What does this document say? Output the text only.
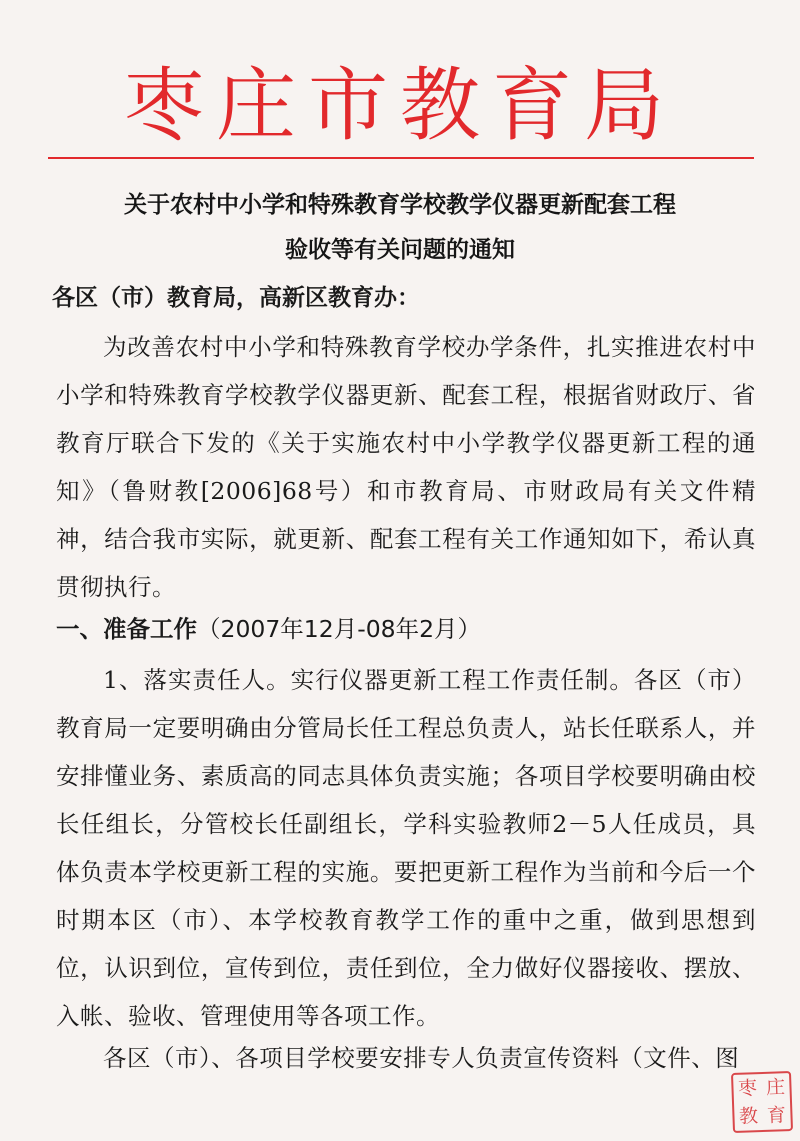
枣庄市教育局
关于农村中小学和特殊教育学校教学仪器更新配套工程
验收等有关问题的通知
各区（市）教育局，高新区教育办：
为改善农村中小学和特殊教育学校办学条件，扎实推进农村中小学和特殊教育学校教学仪器更新、配套工程，根据省财政厅、省教育厅联合下发的《关于实施农村中小学教学仪器更新工程的通知》（鲁财教[2006]68号）和市教育局、市财政局有关文件精神，结合我市实际，就更新、配套工程有关工作通知如下，希认真贯彻执行。
一、准备工作（2007年12月-08年2月）
1、落实责任人。实行仪器更新工程工作责任制。各区（市）教育局一定要明确由分管局长任工程总负责人，站长任联系人，并安排懂业务、素质高的同志具体负责实施；各项目学校要明确由校长任组长，分管校长任副组长，学科实验教师2－5人任成员，具体负责本学校更新工程的实施。要把更新工程作为当前和今后一个时期本区（市）、本学校教育教学工作的重中之重，做到思想到位，认识到位，宣传到位，责任到位，全力做好仪器接收、摆放、入帐、验收、管理使用等各项工作。
各区（市）、各项目学校要安排专人负责宣传资料（文件、图
枣 庄
教 育
